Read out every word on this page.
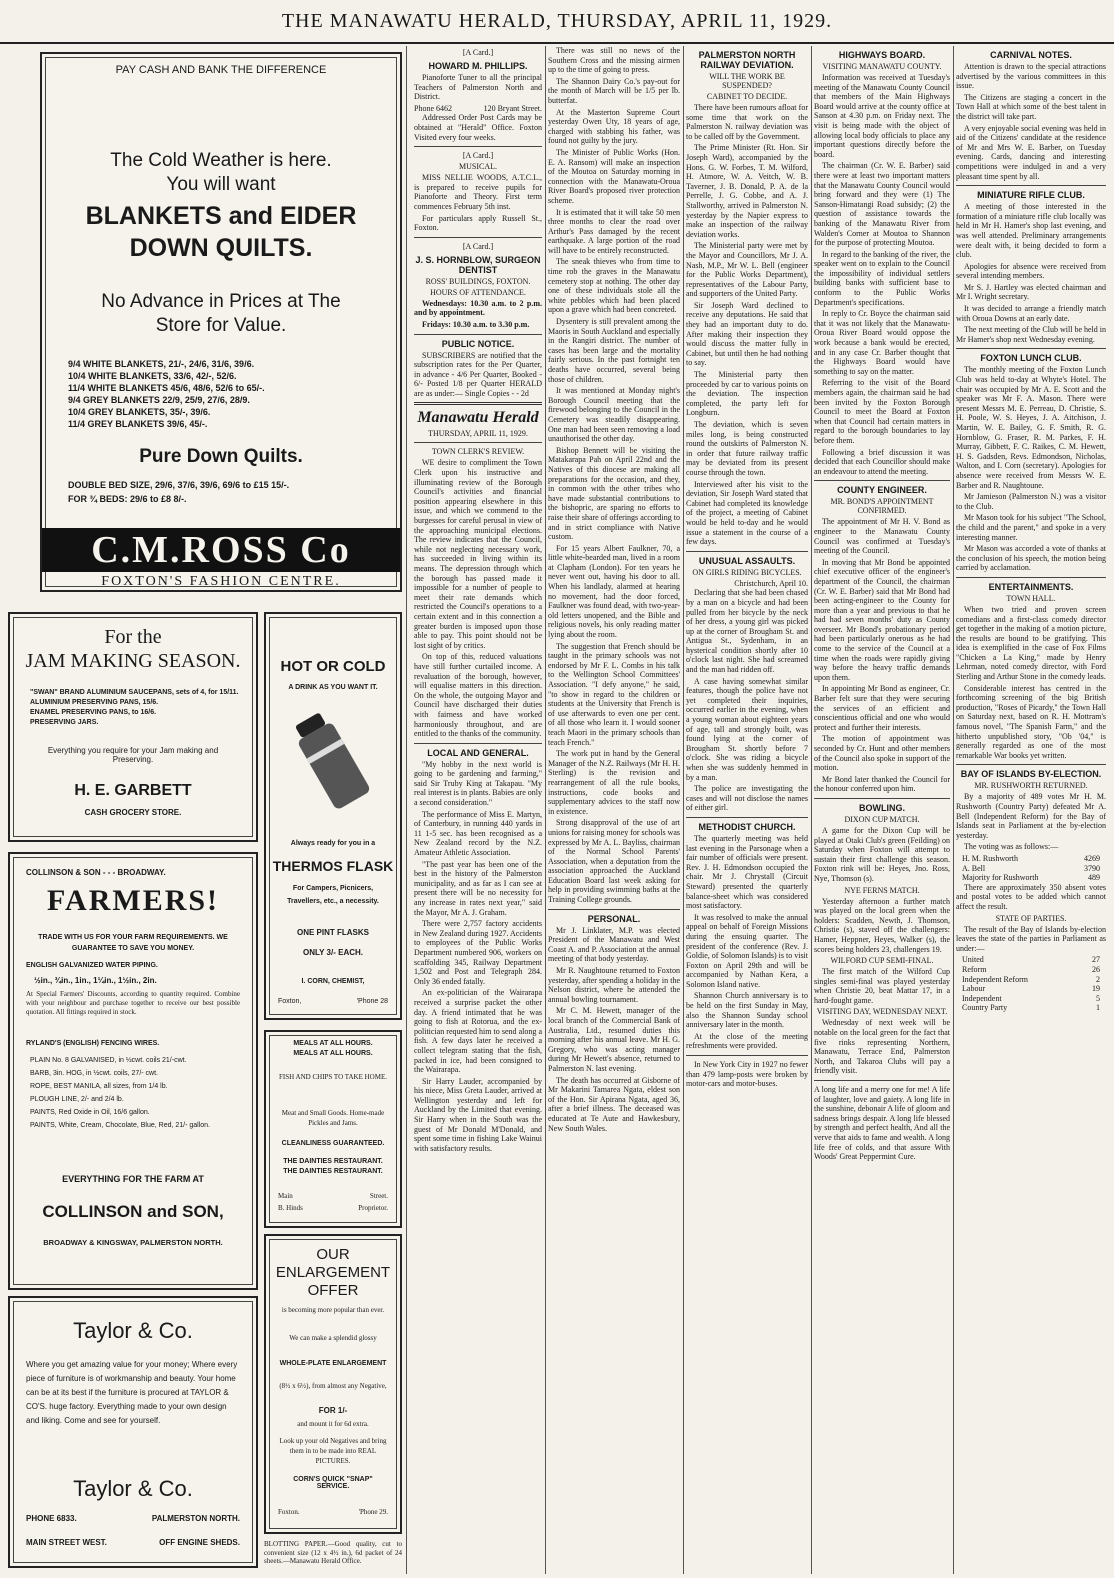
THE MANAWATU HERALD, THURSDAY, APRIL 11, 1929.
PAY CASH AND BANK THE DIFFERENCE
The Cold Weather is here.
You will want
BLANKETS and EIDER
DOWN QUILTS.
No Advance in Prices at The Store for Value.
9/4 WHITE BLANKETS, 21/-, 24/6, 31/6, 39/6.
10/4 WHITE BLANKETS, 33/6, 42/-, 52/6.
11/4 WHITE BLANKETS 45/6, 48/6, 52/6 to 65/-.
9/4 GREY BLANKETS 22/9, 25/9, 27/6, 28/9.
10/4 GREY BLANKETS, 35/-, 39/6.
11/4 GREY BLANKETS 39/6, 45/-.
Pure Down Quilts.
DOUBLE BED SIZE, 29/6, 37/6, 39/6, 69/6 to £15 15/-.
FOR ¾ BEDS: 29/6 to £8 8/-.
C.M.ROSS Co
FOXTON'S FASHION CENTRE.
For the
JAM MAKING SEASON.
"SWAN" BRAND ALUMINIUM SAUCEPANS, sets of 4, for 15/11.
ALUMINIUM PRESERVING PANS, 15/6.
ENAMEL PRESERVING PANS, to 16/6.
PRESERVING JARS.
Everything you require for your Jam making and Preserving.
H. E. GARBETT
CASH GROCERY STORE.
COLLINSON & SON - - - BROADWAY.
FARMERS!
TRADE WITH US FOR YOUR FARM REQUIREMENTS. WE GUARANTEE TO SAVE YOU MONEY.
ENGLISH GALVANIZED WATER PIPING.
½in., ¾in., 1in., 1¼in., 1½in., 2in.
At Special Farmers' Discounts, according to quantity required. Combine with your neighbour and purchase together to receive our best possible quotation. All fittings required in stock.
RYLAND'S (ENGLISH) FENCING WIRES.
PLAIN No. 8 GALVANISED, in ½cwt. coils 21/-cwt.
BARB, 3in. HOG, in ½cwt. coils, 27/- cwt.
ROPE, BEST MANILA, all sizes, from 1/4 lb.
PLOUGH LINE, 2/- and 2/4 lb.
PAINTS, Red Oxide in Oil, 16/6 gallon.
PAINTS, White, Cream, Chocolate, Blue, Red, 21/- gallon.
EVERYTHING FOR THE FARM AT
COLLINSON and SON,
BROADWAY & KINGSWAY, PALMERSTON NORTH.
Taylor & Co.
Where you get amazing value for your money; Where every piece of furniture is of workmanship and beauty. Your home can be at its best if the furniture is procured at TAYLOR & CO'S. huge factory. Everything made to your own design and liking. Come and see for yourself.
Taylor & Co.
PHONE 6833.	PALMERSTON NORTH.
MAIN STREET WEST.	OFF ENGINE SHEDS.
HOT OR COLD
A DRINK AS YOU WANT IT.
Always ready for you in a
THERMOS FLASK
For Campers, Picnicers, Travellers, etc., a necessity.
ONE PINT FLASKS
ONLY 3/- EACH.
I. CORN, CHEMIST,
Foxton,	'Phone 28
MEALS AT ALL HOURS.
MEALS AT ALL HOURS.
FISH AND CHIPS TO TAKE HOME.
Meat and Small Goods. Home-made Pickles and Jams.
CLEANLINESS GUARANTEED.
THE DAINTIES RESTAURANT.
THE DAINTIES RESTAURANT.
Main	Street.
B. Hinds	Proprietor.
OUR
ENLARGEMENT
OFFER
is becoming more popular than ever.
We can make a splendid glossy
WHOLE-PLATE ENLARGEMENT
(8½ x 6½), from almost any Negative,
FOR 1/-
and mount it for 6d extra.
Look up your old Negatives and bring them in to be made into REAL PICTURES.
CORN'S QUICK "SNAP" SERVICE.
Foxton.	'Phone 29.
BLOTTING PAPER.—Good quality, cut to convenient size (12 x 4½ in.), 6d packet of 24 sheets.—Manawatu Herald Office.
[A Card.]
HOWARD M. PHILLIPS.

Pianoforte Tuner to all the principal Teachers of Palmerston North and District.

Phone 6462	120 Bryant Street.

Addressed Order Post Cards may be obtained at "Herald" Office. Foxton Visited every four weeks.

[A Card.]
MUSICAL.

MISS NELLIE WOODS, A.T.C.L., is prepared to receive pupils for Pianoforte and Theory. First term commences February 5th inst.

For particulars apply Russell St., Foxton.

[A Card.]
J. S. HORNBLOW, SURGEON DENTIST
ROSS' BUILDINGS, FOXTON.
HOURS OF ATTENDANCE.

Wednesdays: 10.30 a.m. to 2 p.m. and by appointment.

Fridays: 10.30 a.m. to 3.30 p.m.

PUBLIC NOTICE.

SUBSCRIBERS are notified that the subscription rates for the Per Quarter, in advance - 4/6 Per Quarter, Booked - 6/- Posted 1/8 per Quarter HERALD are as under:— Single Copies - - 2d

Manawatu Herald
THURSDAY, APRIL 11, 1929.
TOWN CLERK'S REVIEW.

WE desire to compliment the Town Clerk upon his instructive and illuminating review of the Borough Council's activities and financial position appearing elsewhere in this issue, and which we commend to the burgesses for careful perusal in view of the approaching municipal elections. The review indicates that the Council, while not neglecting necessary work, has succeeded in living within its means. The depression through which the borough has passed made it impossible for a number of people to meet their rate demands which restricted the Council's operations to a certain extent and in this connection a greater burden is imposed upon those able to pay. This point should not be lost sight of by critics.

On top of this, reduced valuations have still further curtailed income. A revaluation of the borough, however, will equalise matters in this direction. On the whole, the outgoing Mayor and Council have discharged their duties with fairness and have worked harmoniously throughout, and are entitled to the thanks of the community.

LOCAL AND GENERAL.

"My hobby in the next world is going to be gardening and farming," said Sir Truby King at Takapau. "My real interest is in plants. Babies are only a second consideration."

The performance of Miss E. Martyn, of Canterbury, in running 440 yards in 11 1-5 sec. has been recognised as a New Zealand record by the N.Z. Amateur Athletic Association.

"The past year has been one of the best in the history of the Palmerston municipality, and as far as I can see at present there will be no necessity for any increase in rates next year," said the Mayor, Mr A. J. Graham.

There were 2,757 factory accidents in New Zealand during 1927. Accidents to employees of the Public Works Department numbered 906, workers on scaffolding 345, Railway Department 1,502 and Post and Telegraph 284. Only 36 ended fatally.

An ex-politician of the Wairarapa received a surprise packet the other day. A friend intimated that he was going to fish at Rotorua, and the ex-politician requested him to send along a fish. A few days later he received a collect telegram stating that the fish, packed in ice, had been consigned to the Wairarapa.

Sir Harry Lauder, accompanied by his niece, Miss Greta Lauder, arrived at Wellington yesterday and left for Auckland by the Limited that evening. Sir Harry when in the South was the guest of Mr Donald M'Donald, and spent some time in fishing Lake Wainui with satisfactory results.

There was still no news of the Southern Cross and the missing airmen up to the time of going to press.

The Shannon Dairy Co.'s pay-out for the month of March will be 1/5 per lb. butterfat.

At the Masterton Supreme Court yesterday Owen Uty, 18 years of age, charged with stabbing his father, was found not guilty by the jury.

The Minister of Public Works (Hon. E. A. Ransom) will make an inspection of the Moutoa on Saturday morning in connection with the Manawatu-Oroua River Board's proposed river protection scheme.

It is estimated that it will take 50 men three months to clear the road over Arthur's Pass damaged by the recent earthquake. A large portion of the road will have to be entirely reconstructed.

The sneak thieves who from time to time rob the graves in the Manawatu cemetery stop at nothing. The other day one of these individuals stole all the white pebbles which had been placed upon a grave which had been concreted.

Dysentery is still prevalent among the Maoris in South Auckland and especially in the Rangiri district. The number of cases has been large and the mortality fairly serious. In the past fortnight ten deaths have occurred, several being those of children.

It was mentioned at Monday night's Borough Council meeting that the firewood belonging to the Council in the Cemetery was steadily disappearing. One man had been seen removing a load unauthorised the other day.

Bishop Bennett will be visiting the Matakarapa Pah on April 22nd and the Natives of this diocese are making all preparations for the occasion, and they, in common with the other tribes who have made substantial contributions to the bishopric, are sparing no efforts to raise their share of offerings according to and in strict compliance with Native custom.

For 15 years Albert Faulkner, 70, a little white-bearded man, lived in a room at Clapham (London). For ten years he never went out, having his door to all. When his landlady, alarmed at hearing no movement, had the door forced, Faulkner was found dead, with two-year-old letters unopened, and the Bible and religious novels, his only reading matter lying about the room.

The suggestion that French should be taught in the primary schools was not endorsed by Mr F. L. Combs in his talk to the Wellington School Committees' Association. "I defy anyone," he said, "to show in regard to the children or students at the University that French is of use afterwards to even one per cent. of all those who learn it. I would sooner teach Maori in the primary schools than teach French."

The work put in hand by the General Manager of the N.Z. Railways (Mr H. H. Sterling) is the revision and rearrangement of all the rule books, instructions, code books and supplementary advices to the staff now in existence.

Strong disapproval of the use of art unions for raising money for schools was expressed by Mr A. L. Bayliss, chairman of the Normal School Parents' Association, when a deputation from the association approached the Auckland Education Board last week asking for help in providing swimming baths at the Training College grounds.

PERSONAL.

Mr J. Linklater, M.P. was elected President of the Manawatu and West Coast A. and P. Association at the annual meeting of that body yesterday.

Mr R. Naughtoune returned to Foxton yesterday, after spending a holiday in the Nelson district, where he attended the annual bowling tournament.

Mr C. M. Hewett, manager of the local branch of the Commercial Bank of Australia, Ltd., resumed duties this morning after his annual leave. Mr H. G. Gregory, who was acting manager during Mr Hewett's absence, returned to Palmerston N. last evening.

The death has occurred at Gisborne of Mr Makarini Tamarea Ngata, eldest son of the Hon. Sir Apirana Ngata, aged 36, after a brief illness. The deceased was educated at Te Aute and Hawkesbury, New South Wales.

PALMERSTON NORTH RAILWAY DEVIATION.
WILL THE WORK BE SUSPENDED?
CABINET TO DECIDE.

There have been rumours afloat for some time that work on the Palmerston N. railway deviation was to be called off by the Government.

The Prime Minister (Rt. Hon. Sir Joseph Ward), accompanied by the Hons. G. W. Forbes, T. M. Wilford, H. Atmore, W. A. Veitch, W. B. Taverner, J. B. Donald, P. A. de la Perrelle, J. G. Cobbe, and A. J. Stallworthy, arrived in Palmerston N. yesterday by the Napier express to make an inspection of the railway deviation works.

The Ministerial party were met by the Mayor and Councillors, Mr J. A. Nash, M.P., Mr W. L. Bell (engineer for the Public Works Department), representatives of the Labour Party, and supporters of the United Party.

Sir Joseph Ward declined to receive any deputations. He said that they had an important duty to do. After making their inspection they would discuss the matter fully in Cabinet, but until then he had nothing to say.

The Ministerial party then proceeded by car to various points on the deviation. The inspection completed, the party left for Longburn.

The deviation, which is seven miles long, is being constructed round the outskirts of Palmerston N. in order that future railway traffic may be deviated from its present course through the town.

Interviewed after his visit to the deviation, Sir Joseph Ward stated that Cabinet had completed its knowledge of the project, a meeting of Cabinet would be held to-day and he would issue a statement in the course of a few days.

UNUSUAL ASSAULTS.
ON GIRLS RIDING BICYCLES.
Christchurch, April 10.

Declaring that she had been chased by a man on a bicycle and had been pulled from her bicycle by the neck of her dress, a young girl was picked up at the corner of Brougham St. and Antigua St., Sydenham, in an hysterical condition shortly after 10 o'clock last night. She had screamed and the man had ridden off.

A case having somewhat similar features, though the police have not yet completed their inquiries, occurred earlier in the evening, when a young woman about eighteen years of age, tall and strongly built, was found lying at the corner of Brougham St. shortly before 7 o'clock. She was riding a bicycle when she was suddenly hemmed in by a man.

The police are investigating the cases and will not disclose the names of either girl.

METHODIST CHURCH.

The quarterly meeting was held last evening in the Parsonage when a fair number of officials were present. Rev. J. H. Edmondson occupied the chair. Mr J. Chrystall (Circuit Steward) presented the quarterly balance-sheet which was considered most satisfactory.

It was resolved to make the annual appeal on behalf of Foreign Missions during the ensuing quarter. The president of the conference (Rev. J. Goldie, of Solomon Islands) is to visit Foxton on April 29th and will be accompanied by Nathan Kera, a Solomon Island native.

Shannon Church anniversary is to be held on the first Sunday in May, also the Shannon Sunday school anniversary later in the month.

At the close of the meeting refreshments were provided.

In New York City in 1927 no fewer than 479 lamp-posts were broken by motor-cars and motor-buses.

HIGHWAYS BOARD.
VISITING MANAWATU COUNTY.

Information was received at Tuesday's meeting of the Manawatu County Council that members of the Main Highways Board would arrive at the county office at Sanson at 4.30 p.m. on Friday next. The visit is being made with the object of allowing local body officials to place any important questions directly before the board.

The chairman (Cr. W. E. Barber) said there were at least two important matters that the Manawatu County Council would bring forward and they were (1) The Sanson-Himatangi Road subsidy; (2) the question of assistance towards the banking of the Manawatu River from Walden's Corner at Moutoa to Shannon for the purpose of protecting Moutoa.

In regard to the banking of the river, the speaker went on to explain to the Council the impossibility of individual settlers building banks with sufficient base to conform to the Public Works Department's specifications.

In reply to Cr. Boyce the chairman said that it was not likely that the Manawatu-Oroua River Board would oppose the work because a bank would be erected, and in any case Cr. Barber thought that the Highways Board would have something to say on the matter.

Referring to the visit of the Board members again, the chairman said he had been invited by the Foxton Borough Council to meet the Board at Foxton when that Council had certain matters in regard to the borough boundaries to lay before them.

Following a brief discussion it was decided that each Councillor should make an endeavour to attend the meeting.

COUNTY ENGINEER.
MR. BOND'S APPOINTMENT CONFIRMED.

The appointment of Mr H. V. Bond as engineer to the Manawatu County Council was confirmed at Tuesday's meeting of the Council.

In moving that Mr Bond be appointed chief executive officer of the engineer's department of the Council, the chairman (Cr. W. E. Barber) said that Mr Bond had been acting-engineer to the County for more than a year and previous to that he had had seven months' duty as County overseer. Mr Bond's probationary period had been particularly onerous as he had come to the service of the Council at a time when the roads were rapidly giving way before the heavy traffic demands upon them.

In appointing Mr Bond as engineer, Cr. Barber felt sure that they were securing the services of an efficient and conscientious official and one who would protect and further their interests.

The motion of appointment was seconded by Cr. Hunt and other members of the Council also spoke in support of the motion.

Mr Bond later thanked the Council for the honour conferred upon him.

BOWLING.
DIXON CUP MATCH.

A game for the Dixon Cup will be played at Otaki Club's green (Feilding) on Saturday when Foxton will attempt to sustain their first challenge this season. Foxton rink will be: Heyes, Jno. Ross, Nye, Thomson (s).

NYE FERNS MATCH.

Yesterday afternoon a further match was played on the local green when the holders: Scadden, Newth, J. Thomson, Christie (s), staved off the challengers: Hamer, Heppner, Heyes, Walker (s), the scores being holders 23, challengers 19.

WILFORD CUP SEMI-FINAL.

The first match of the Wilford Cup singles semi-final was played yesterday when Christie 20, beat Mattar 17, in a hard-fought game.

VISITING DAY, WEDNESDAY NEXT.

Wednesday of next week will be notable on the local green for the fact that five rinks representing Northern, Manawatu, Terrace End, Palmerston North, and Takaroa Clubs will pay a friendly visit.

A long life and a merry one for me! A life of laughter, love and gaiety. A long life in the sunshine, debonair A life of gloom and sadness brings despair. A long life blessed by strength and perfect health, And all the verve that aids to fame and wealth. A long life free of colds, and that assure With Woods' Great Peppermint Cure.

CARNIVAL NOTES.

Attention is drawn to the special attractions advertised by the various committees in this issue.

The Citizens are staging a concert in the Town Hall at which some of the best talent in the district will take part.

A very enjoyable social evening was held in aid of the Citizens' candidate at the residence of Mr and Mrs W. E. Barber, on Tuesday evening. Cards, dancing and interesting competitions were indulged in and a very pleasant time spent by all.

MINIATURE RIFLE CLUB.

A meeting of those interested in the formation of a miniature rifle club locally was held in Mr H. Hamer's shop last evening, and was well attended. Preliminary arrangements were dealt with, it being decided to form a club.

Apologies for absence were received from several intending members.

Mr S. J. Hartley was elected chairman and Mr I. Wright secretary.

It was decided to arrange a friendly match with Oroua Downs at an early date.

The next meeting of the Club will be held in Mr Hamer's shop next Wednesday evening.

FOXTON LUNCH CLUB.

The monthly meeting of the Foxton Lunch Club was held to-day at Whyte's Hotel. The chair was occupied by Mr A. E. Scott and the speaker was Mr F. A. Mason. There were present Messrs M. E. Perreau, D. Christie, S. H. Poole, W. S. Heyes, J. A. Aitchison, J. Martin, W. E. Bailey, G. F. Smith, R. G. Hornblow, G. Fraser, R. M. Parkes, F. H. Murray, Gibbett, F. C. Raikes, C. M. Hewett, H. S. Gadsden, Revs. Edmondson, Nicholas, Walton, and I. Corn (secretary). Apologies for absence were received from Messrs W. E. Barber and R. Naughtoune.

Mr Jamieson (Palmerston N.) was a visitor to the Club.

Mr Mason took for his subject "The School, the child and the parent," and spoke in a very interesting manner.

Mr Mason was accorded a vote of thanks at the conclusion of his speech, the motion being carried by acclamation.

ENTERTAINMENTS.
TOWN HALL.

When two tried and proven screen comedians and a first-class comedy director get together in the making of a motion picture, the results are bound to be gratifying. This idea is exemplified in the case of Fox Films "Chicken a La King," made by Henry Lehrman, noted comedy director, with Ford Sterling and Arthur Stone in the comedy leads.

Considerable interest has centred in the forthcoming screening of the big British production, "Roses of Picardy," the Town Hall on Saturday next, based on R. H. Mottram's famous novel, "The Spanish Farm," and the hitherto unpublished story, "Ob '04," is generally regarded as one of the most remarkable War books yet written.

BAY OF ISLANDS BY-ELECTION.
MR. RUSHWORTH RETURNED.

By a majority of 489 votes Mr H. M. Rushworth (Country Party) defeated Mr A. Bell (Independent Reform) for the Bay of Islands seat in Parliament at the by-election yesterday.

The voting was as follows:—

H. M. Rushworth	4269
A. Bell	3790
Majority for Rushworth	489

There are approximately 350 absent votes and postal votes to be added which cannot affect the result.

STATE OF PARTIES.

The result of the Bay of Islands by-election leaves the state of the parties in Parliament as under:—

United	27
Reform	26
Independent Reform	2
Labour	19
Independent	5
Country Party	1
